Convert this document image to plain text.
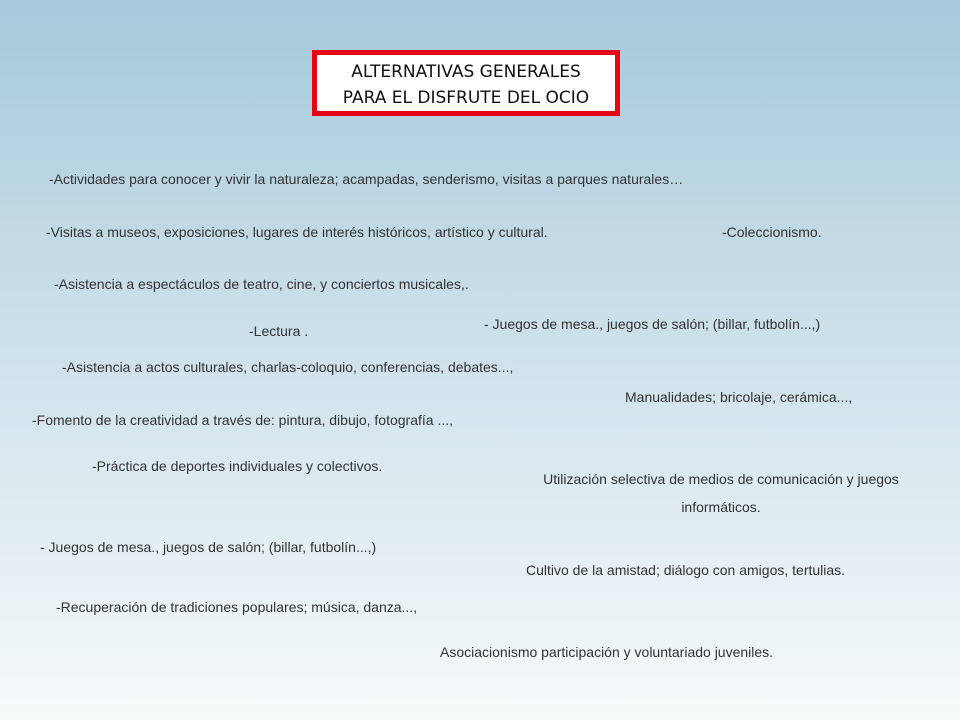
ALTERNATIVAS GENERALES
PARA EL DISFRUTE DEL OCIO
-Actividades para conocer y vivir la naturaleza; acampadas, senderismo, visitas a parques naturales…
-Visitas a museos, exposiciones, lugares de interés históricos, artístico y cultural.	-Coleccionismo.
-Asistencia a espectáculos de teatro, cine, y conciertos musicales,.
- Juegos de mesa., juegos de salón; (billar, futbolín...,)
-Lectura .
-Asistencia a actos culturales, charlas-coloquio, conferencias, debates...,
Manualidades; bricolaje, cerámica...,
-Fomento de la creatividad a través de: pintura, dibujo, fotografía ...,
-Práctica de deportes individuales y colectivos.
Utilización selectiva de medios de comunicación y juegos informáticos.
- Juegos de mesa., juegos de salón; (billar, futbolín...,)
Cultivo de la amistad; diálogo con amigos, tertulias.
-Recuperación de tradiciones populares; música, danza...,
Asociacionismo participación y voluntariado juveniles.
